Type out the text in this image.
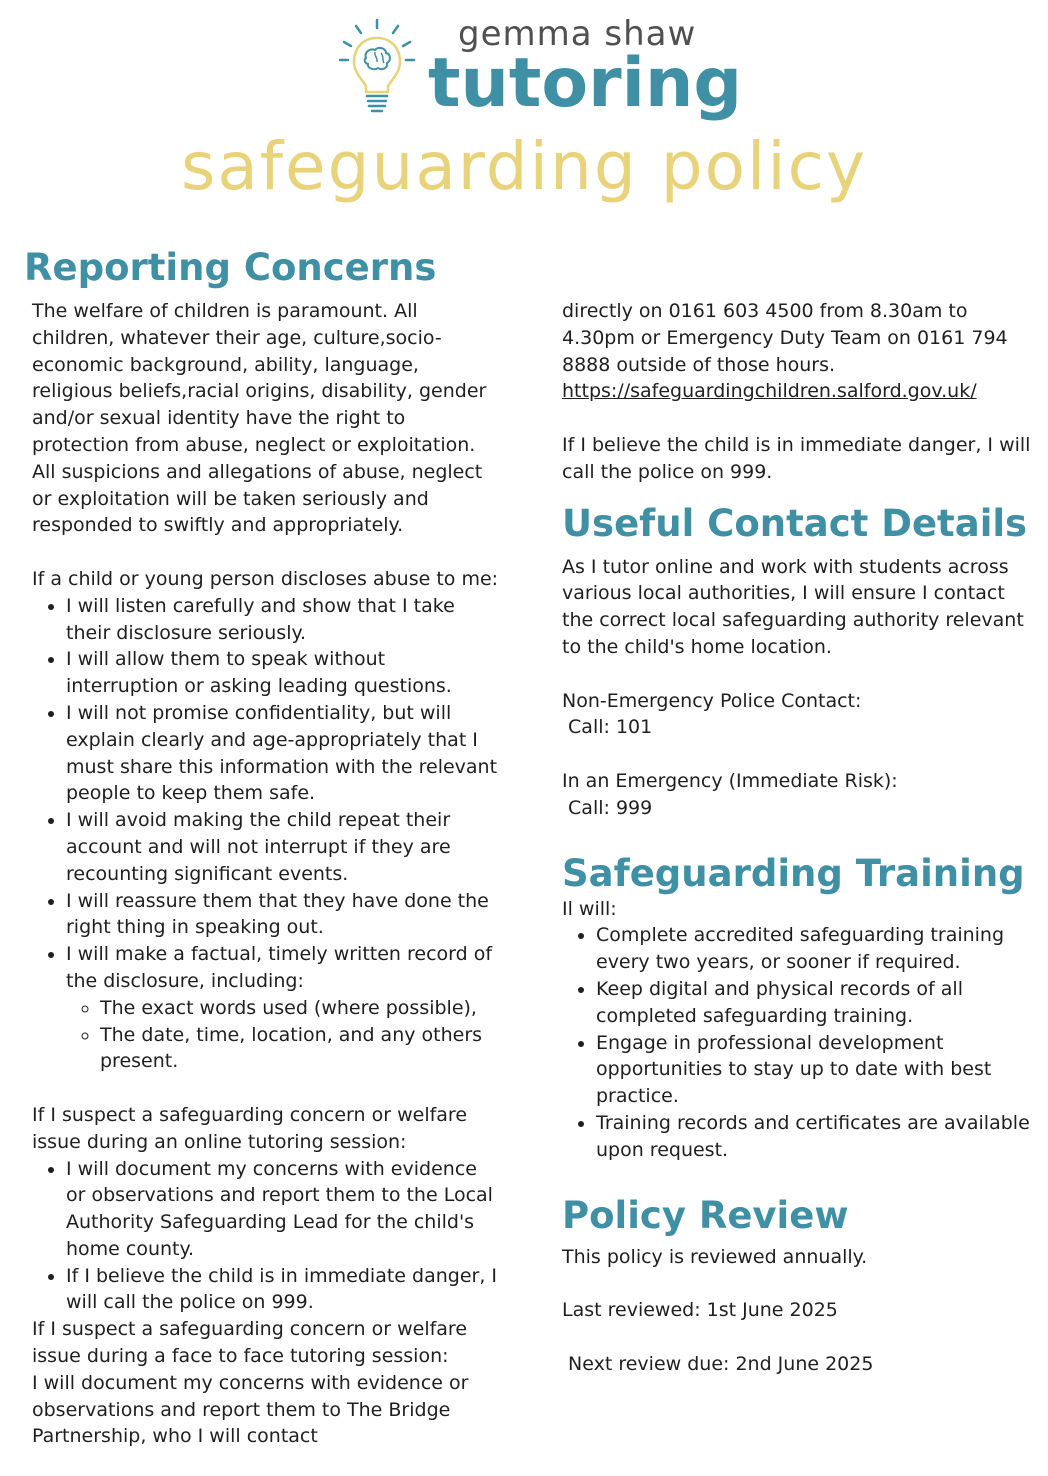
gemma shaw
tutoring
safeguarding policy
Reporting Concerns

The welfare of children is paramount. All children, whatever their age, culture,socio-economic background, ability, language, religious beliefs,racial origins, disability, gender and/or sexual identity have the right to protection from abuse, neglect or exploitation. All suspicions and allegations of abuse, neglect or exploitation will be taken seriously and responded to swiftly and appropriately.

If a child or young person discloses abuse to me:

• I will listen carefully and show that I take their disclosure seriously.
• I will allow them to speak without interruption or asking leading questions.
• I will not promise confidentiality, but will explain clearly and age-appropriately that I must share this information with the relevant people to keep them safe.
• I will avoid making the child repeat their account and will not interrupt if they are recounting significant events.
• I will reassure them that they have done the right thing in speaking out.
• I will make a factual, timely written record of the disclosure, including:
◦ The exact words used (where possible),
◦ The date, time, location, and any others present.

If I suspect a safeguarding concern or welfare issue during an online tutoring session:

• I will document my concerns with evidence or observations and report them to the Local Authority Safeguarding Lead for the child's home county.
• If I believe the child is in immediate danger, I will call the police on 999.

If I suspect a safeguarding concern or welfare issue during a face to face tutoring session:

I will document my concerns with evidence or observations and report them to The Bridge Partnership, who I will contact

directly on 0161 603 4500 from 8.30am to 4.30pm or Emergency Duty Team on 0161 794 8888 outside of those hours.

https://safeguardingchildren.salford.gov.uk/

If I believe the child is in immediate danger, I will call the police on 999.

Useful Contact Details

As I tutor online and work with students across various local authorities, I will ensure I contact the correct local safeguarding authority relevant to the child's home location.

Non-Emergency Police Contact:

Call: 101

In an Emergency (Immediate Risk):

Call: 999

Safeguarding Training

Il will:

• Complete accredited safeguarding training every two years, or sooner if required.
• Keep digital and physical records of all completed safeguarding training.
• Engage in professional development opportunities to stay up to date with best practice.
• Training records and certificates are available upon request.
Policy Review

This policy is reviewed annually.

Last reviewed: 1st June 2025

Next review due: 2nd June 2025
